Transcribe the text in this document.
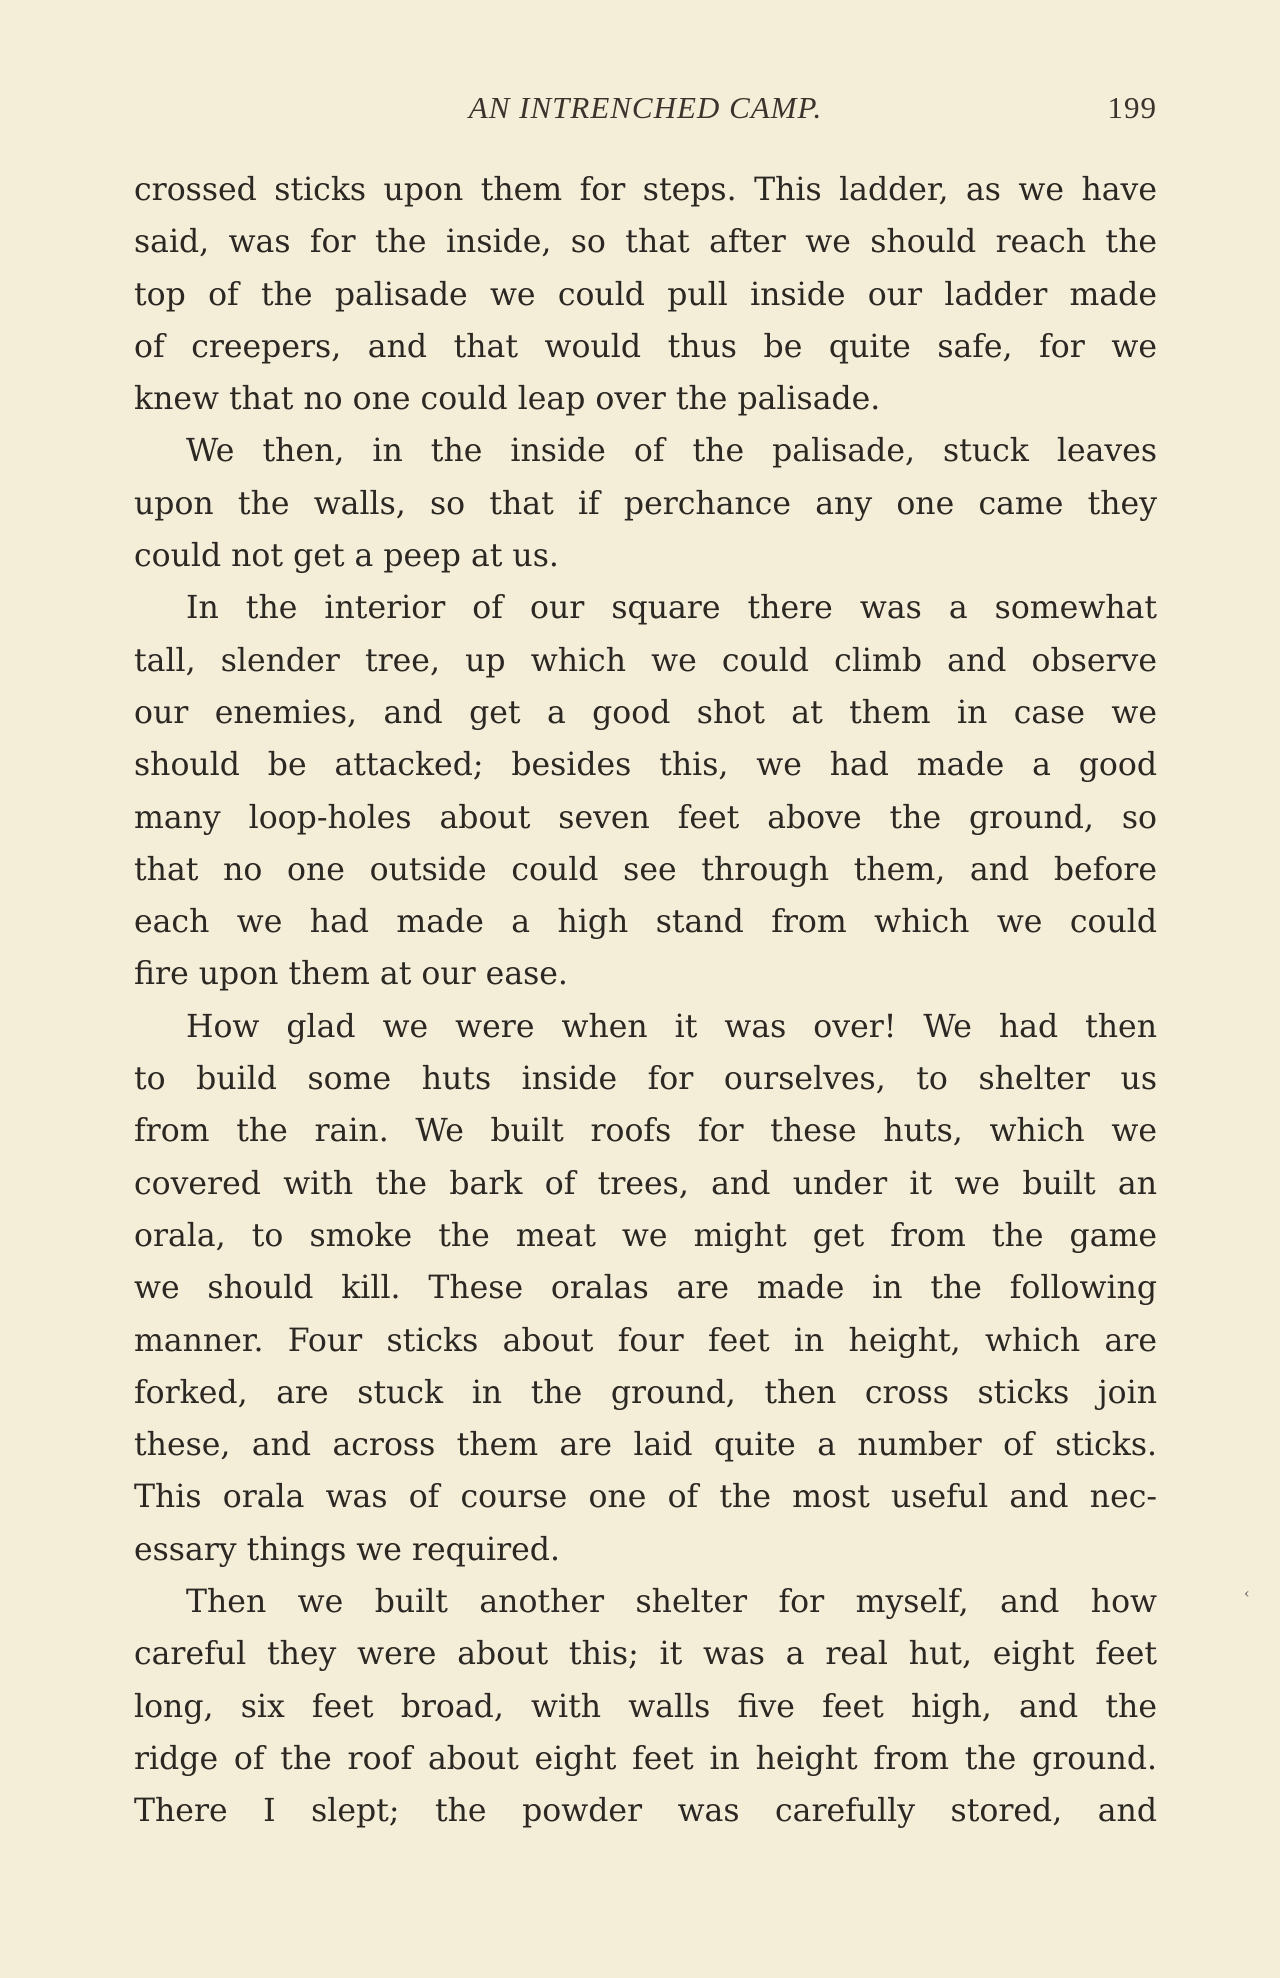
AN INTRENCHED CAMP.	199
crossed sticks upon them for steps. This ladder, as we have
said, was for the inside, so that after we should reach the
top of the palisade we could pull inside our ladder made
of creepers, and that would thus be quite safe, for we
knew that no one could leap over the palisade.
We then, in the inside of the palisade, stuck leaves
upon the walls, so that if perchance any one came they
could not get a peep at us.
In the interior of our square there was a somewhat
tall, slender tree, up which we could climb and observe
our enemies, and get a good shot at them in case we
should be attacked; besides this, we had made a good
many loop-holes about seven feet above the ground, so
that no one outside could see through them, and before
each we had made a high stand from which we could
fire upon them at our ease.
How glad we were when it was over! We had then
to build some huts inside for ourselves, to shelter us
from the rain. We built roofs for these huts, which we
covered with the bark of trees, and under it we built an
orala, to smoke the meat we might get from the game
we should kill. These oralas are made in the following
manner. Four sticks about four feet in height, which are
forked, are stuck in the ground, then cross sticks join
these, and across them are laid quite a number of sticks.
This orala was of course one of the most useful and nec-
essary things we required.
Then we built another shelter for myself, and how
careful they were about this; it was a real hut, eight feet
long, six feet broad, with walls five feet high, and the
ridge of the roof about eight feet in height from the ground.
There I slept; the powder was carefully stored, and
‹
